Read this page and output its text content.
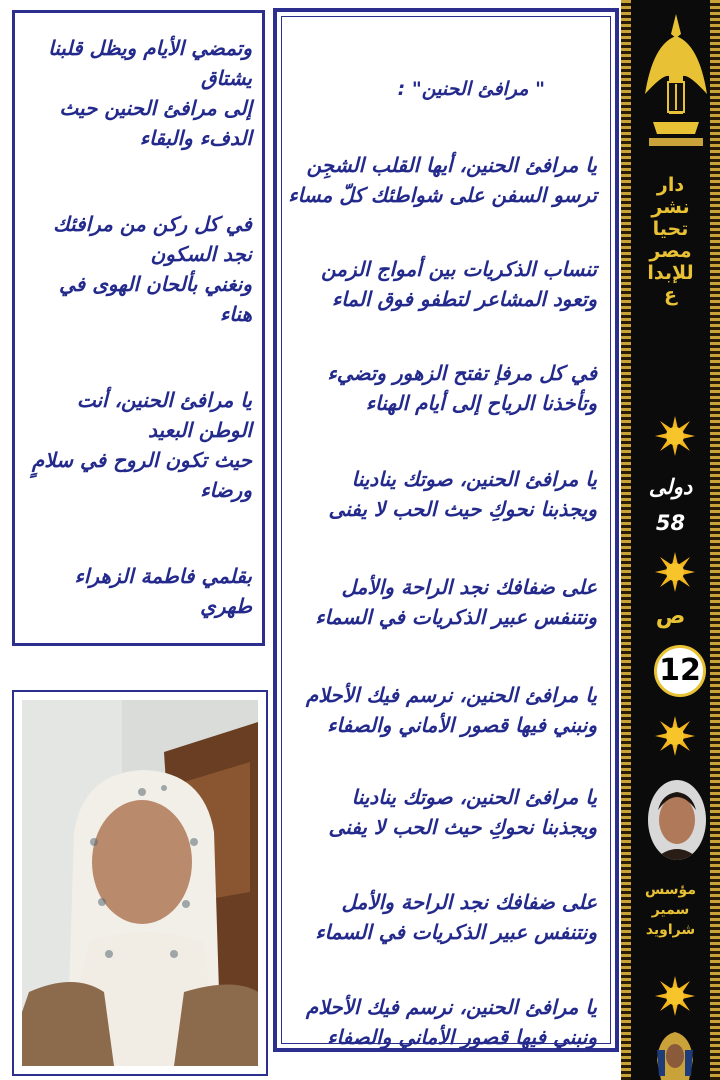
" مرافئ الحنين" :
يا مرافئ الحنين، أيها القلب الشجِن
ترسو السفن على شواطئك كلّ مساء
تنساب الذكريات بين أمواج الزمن
وتعود المشاعر لتطفو فوق الماء
في كل مرفإ تفتح الزهور وتضيء
وتأخذنا الرياح إلى أيام الهناء
يا مرافئ الحنين، صوتك ينادينا
ويجذبنا نحوكِ حيث الحب لا يفنى
على ضفافك نجد الراحة والأمل
ونتنفس عبير الذكريات في السماء
يا مرافئ الحنين، نرسم فيك الأحلام
ونبني فيها قصور الأماني والصفاء
يا مرافئ الحنين، صوتك ينادينا
ويجذبنا نحوكِ حيث الحب لا يفنى
على ضفافك نجد الراحة والأمل
ونتنفس عبير الذكريات في السماء
يا مرافئ الحنين، نرسم فيك الأحلام
ونبني فيها قصور الأماني والصفاء
وتمضي الأيام ويظل قلبنا
يشتاق
إلى مرافئ الحنين حيث
الدفء والبقاء
في كل ركن من مرافئك
نجد السكون
ونغني بألحان الهوى في
هناء
يا مرافئ الحنين، أنت
الوطن البعيد
حيث تكون الروح في سلامٍ
ورضاء
بقلمي فاطمة الزهراء
طهري
دار
نشر
تحيا
مصر
للإبدا
ع
دولى
58
ص
12
مؤسس
سمير
شراويد
